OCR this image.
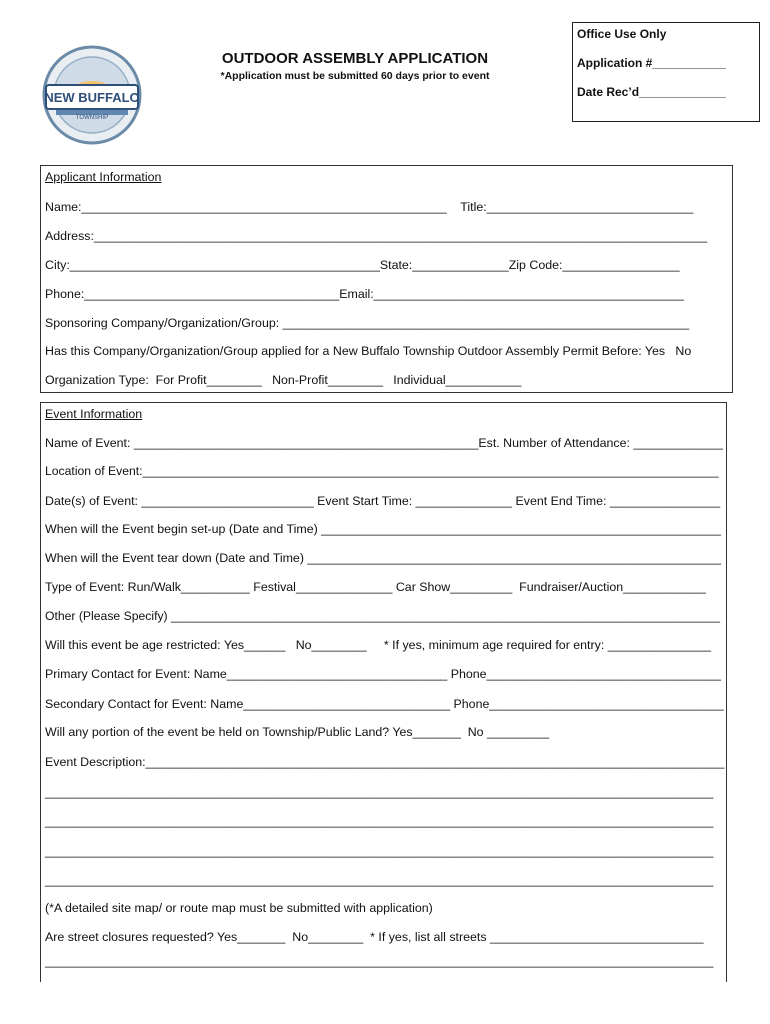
NEW BUFFALO
TOWNSHIP
OUTDOOR ASSEMBLY APPLICATION
*Application must be submitted 60 days prior to event
Office Use Only
Application #___________
Date Rec’d_____________
Applicant Information
Name:_____________________________________________________    Title:______________________________
Address:_________________________________________________________________________________________
City:_____________________________________________State:______________Zip Code:_________________
Phone:_____________________________________Email:_____________________________________________
Sponsoring Company/Organization/Group: ___________________________________________________________
Has this Company/Organization/Group applied for a New Buffalo Township Outdoor Assembly Permit Before: Yes   No
Organization Type:  For Profit________   Non-Profit________   Individual___________
Event Information
Name of Event: __________________________________________________Est. Number of Attendance: _____________
Location of Event:_____________________________________________________________________________________
Date(s) of Event: _________________________ Event Start Time: ______________ Event End Time: ________________
When will the Event begin set-up (Date and Time) __________________________________________________________
When will the Event tear down (Date and Time) ____________________________________________________________
Type of Event: Run/Walk__________ Festival______________ Car Show_________  Fundraiser/Auction____________
Other (Please Specify) _________________________________________________________________________________
Will this event be age restricted: Yes______   No________     * If yes, minimum age required for entry: _______________
Primary Contact for Event: Name________________________________ Phone__________________________________
Secondary Contact for Event: Name______________________________ Phone__________________________________
Will any portion of the event be held on Township/Public Land? Yes_______  No _________
Event Description:____________________________________________________________________________________
_________________________________________________________________________________________________
_________________________________________________________________________________________________
_________________________________________________________________________________________________
_________________________________________________________________________________________________
(*A detailed site map/ or route map must be submitted with application)
Are street closures requested? Yes_______  No________  * If yes, list all streets _______________________________
_________________________________________________________________________________________________
